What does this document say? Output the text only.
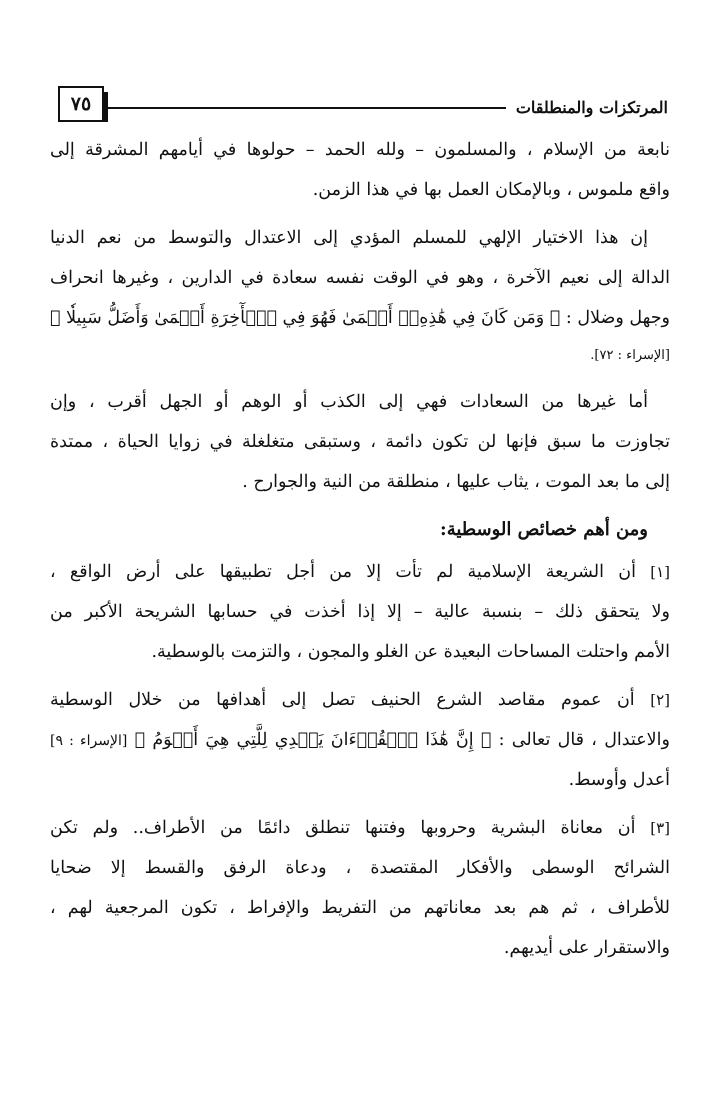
٧٥	المرتكزات والمنطلقات
نابعة من الإسلام ، والمسلمون – ولله الحمد – حولوها في أيامهم المشرقة إلى
واقع ملموس ، وبالإمكان العمل بها في هذا الزمن.
إن هذا الاختيار الإلهي للمسلم المؤدي إلى الاعتدال والتوسط من نعم الدنيا
الدالة إلى نعيم الآخرة ، وهو في الوقت نفسه سعادة في الدارين ، وغيرها انحراف
وجهل وضلال : ﴿ وَمَن كَانَ فِي هَٰذِهِۦٓ أَعۡمَىٰ فَهُوَ فِي ٱلۡأٓخِرَةِ أَعۡمَىٰ وَأَضَلُّ سَبِيلٗا ﴾
[الإسراء : ٧٢].
أما غيرها من السعادات فهي إلى الكذب أو الوهم أو الجهل أقرب ، وإن
تجاوزت ما سبق فإنها لن تكون دائمة ، وستبقى متغلغلة في زوايا الحياة ، ممتدة
إلى ما بعد الموت ، يثاب عليها ، منطلقة من النية والجوارح .
ومن أهم خصائص الوسطية:
[١] أن الشريعة الإسلامية لم تأت إلا من أجل تطبيقها على أرض الواقع ،
ولا يتحقق ذلك – بنسبة عالية – إلا إذا أخذت في حسابها الشريحة الأكبر من
الأمم واحتلت المساحات البعيدة عن الغلو والمجون ، والتزمت بالوسطية.
[٢] أن عموم مقاصد الشرع الحنيف تصل إلى أهدافها من خلال الوسطية
والاعتدال ، قال تعالى : ﴿ إِنَّ هَٰذَا ٱلۡقُرۡءَانَ يَهۡدِي لِلَّتِي هِيَ أَقۡوَمُ ﴾ [الإسراء : ٩]
أعدل وأوسط.
[٣] أن معاناة البشرية وحروبها وفتنها تنطلق دائمًا من الأطراف.. ولم تكن
الشرائح الوسطى والأفكار المقتصدة ، ودعاة الرفق والقسط إلا ضحايا
للأطراف ، ثم هم بعد معاناتهم من التفريط والإفراط ، تكون المرجعية لهم ،
والاستقرار على أيديهم.
